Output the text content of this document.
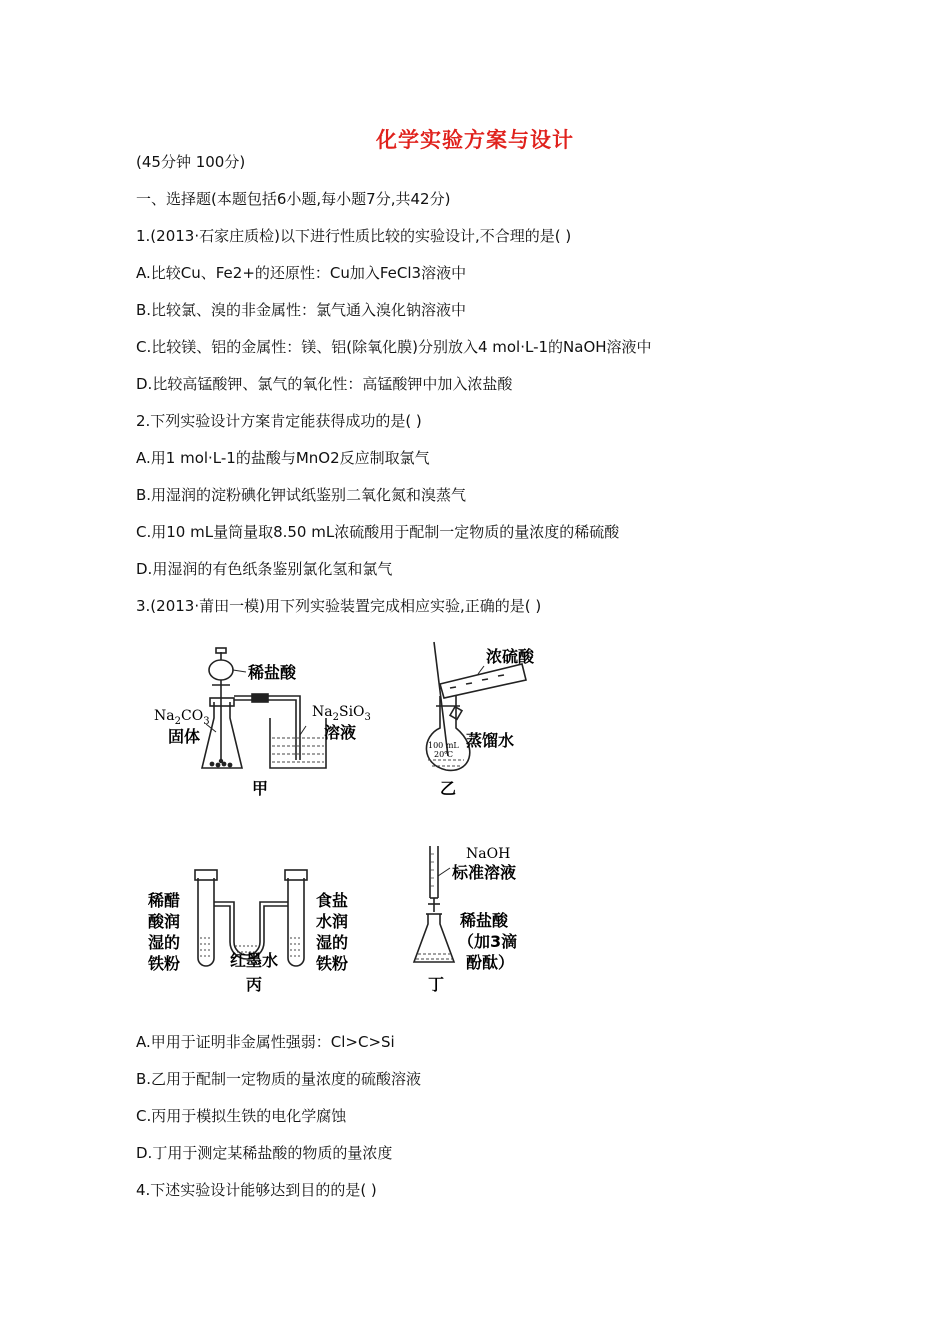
化学实验方案与设计
(45分钟 100分)
一、选择题(本题包括6小题,每小题7分,共42分)
1.(2013·石家庄质检)以下进行性质比较的实验设计,不合理的是( )
A.比较Cu、Fe2+的还原性：Cu加入FeCl3溶液中
B.比较氯、溴的非金属性：氯气通入溴化钠溶液中
C.比较镁、铝的金属性：镁、铝(除氧化膜)分别放入4 mol·L-1的NaOH溶液中
D.比较高锰酸钾、氯气的氧化性：高锰酸钾中加入浓盐酸
2.下列实验设计方案肯定能获得成功的是( )
A.用1 mol·L-1的盐酸与MnO2反应制取氯气
B.用湿润的淀粉碘化钾试纸鉴别二氧化氮和溴蒸气
C.用10 mL量筒量取8.50 mL浓硫酸用于配制一定物质的量浓度的稀硫酸
D.用湿润的有色纸条鉴别氯化氢和氯气
3.(2013·莆田一模)用下列实验装置完成相应实验,正确的是( )
稀盐酸
$Na_2CO_3$
固体
$Na_2SiO_3$
溶液
甲
浓硫酸
蒸馏水
100 mL
20℃
乙
稀醋
酸润
湿的
铁粉
食盐
水润
湿的
铁粉
红墨水
丙
NaOH
标准溶液
稀盐酸
（加3滴
酚酞）
丁
A.甲用于证明非金属性强弱：Cl>C>Si
B.乙用于配制一定物质的量浓度的硫酸溶液
C.丙用于模拟生铁的电化学腐蚀
D.丁用于测定某稀盐酸的物质的量浓度
4.下述实验设计能够达到目的的是( )
